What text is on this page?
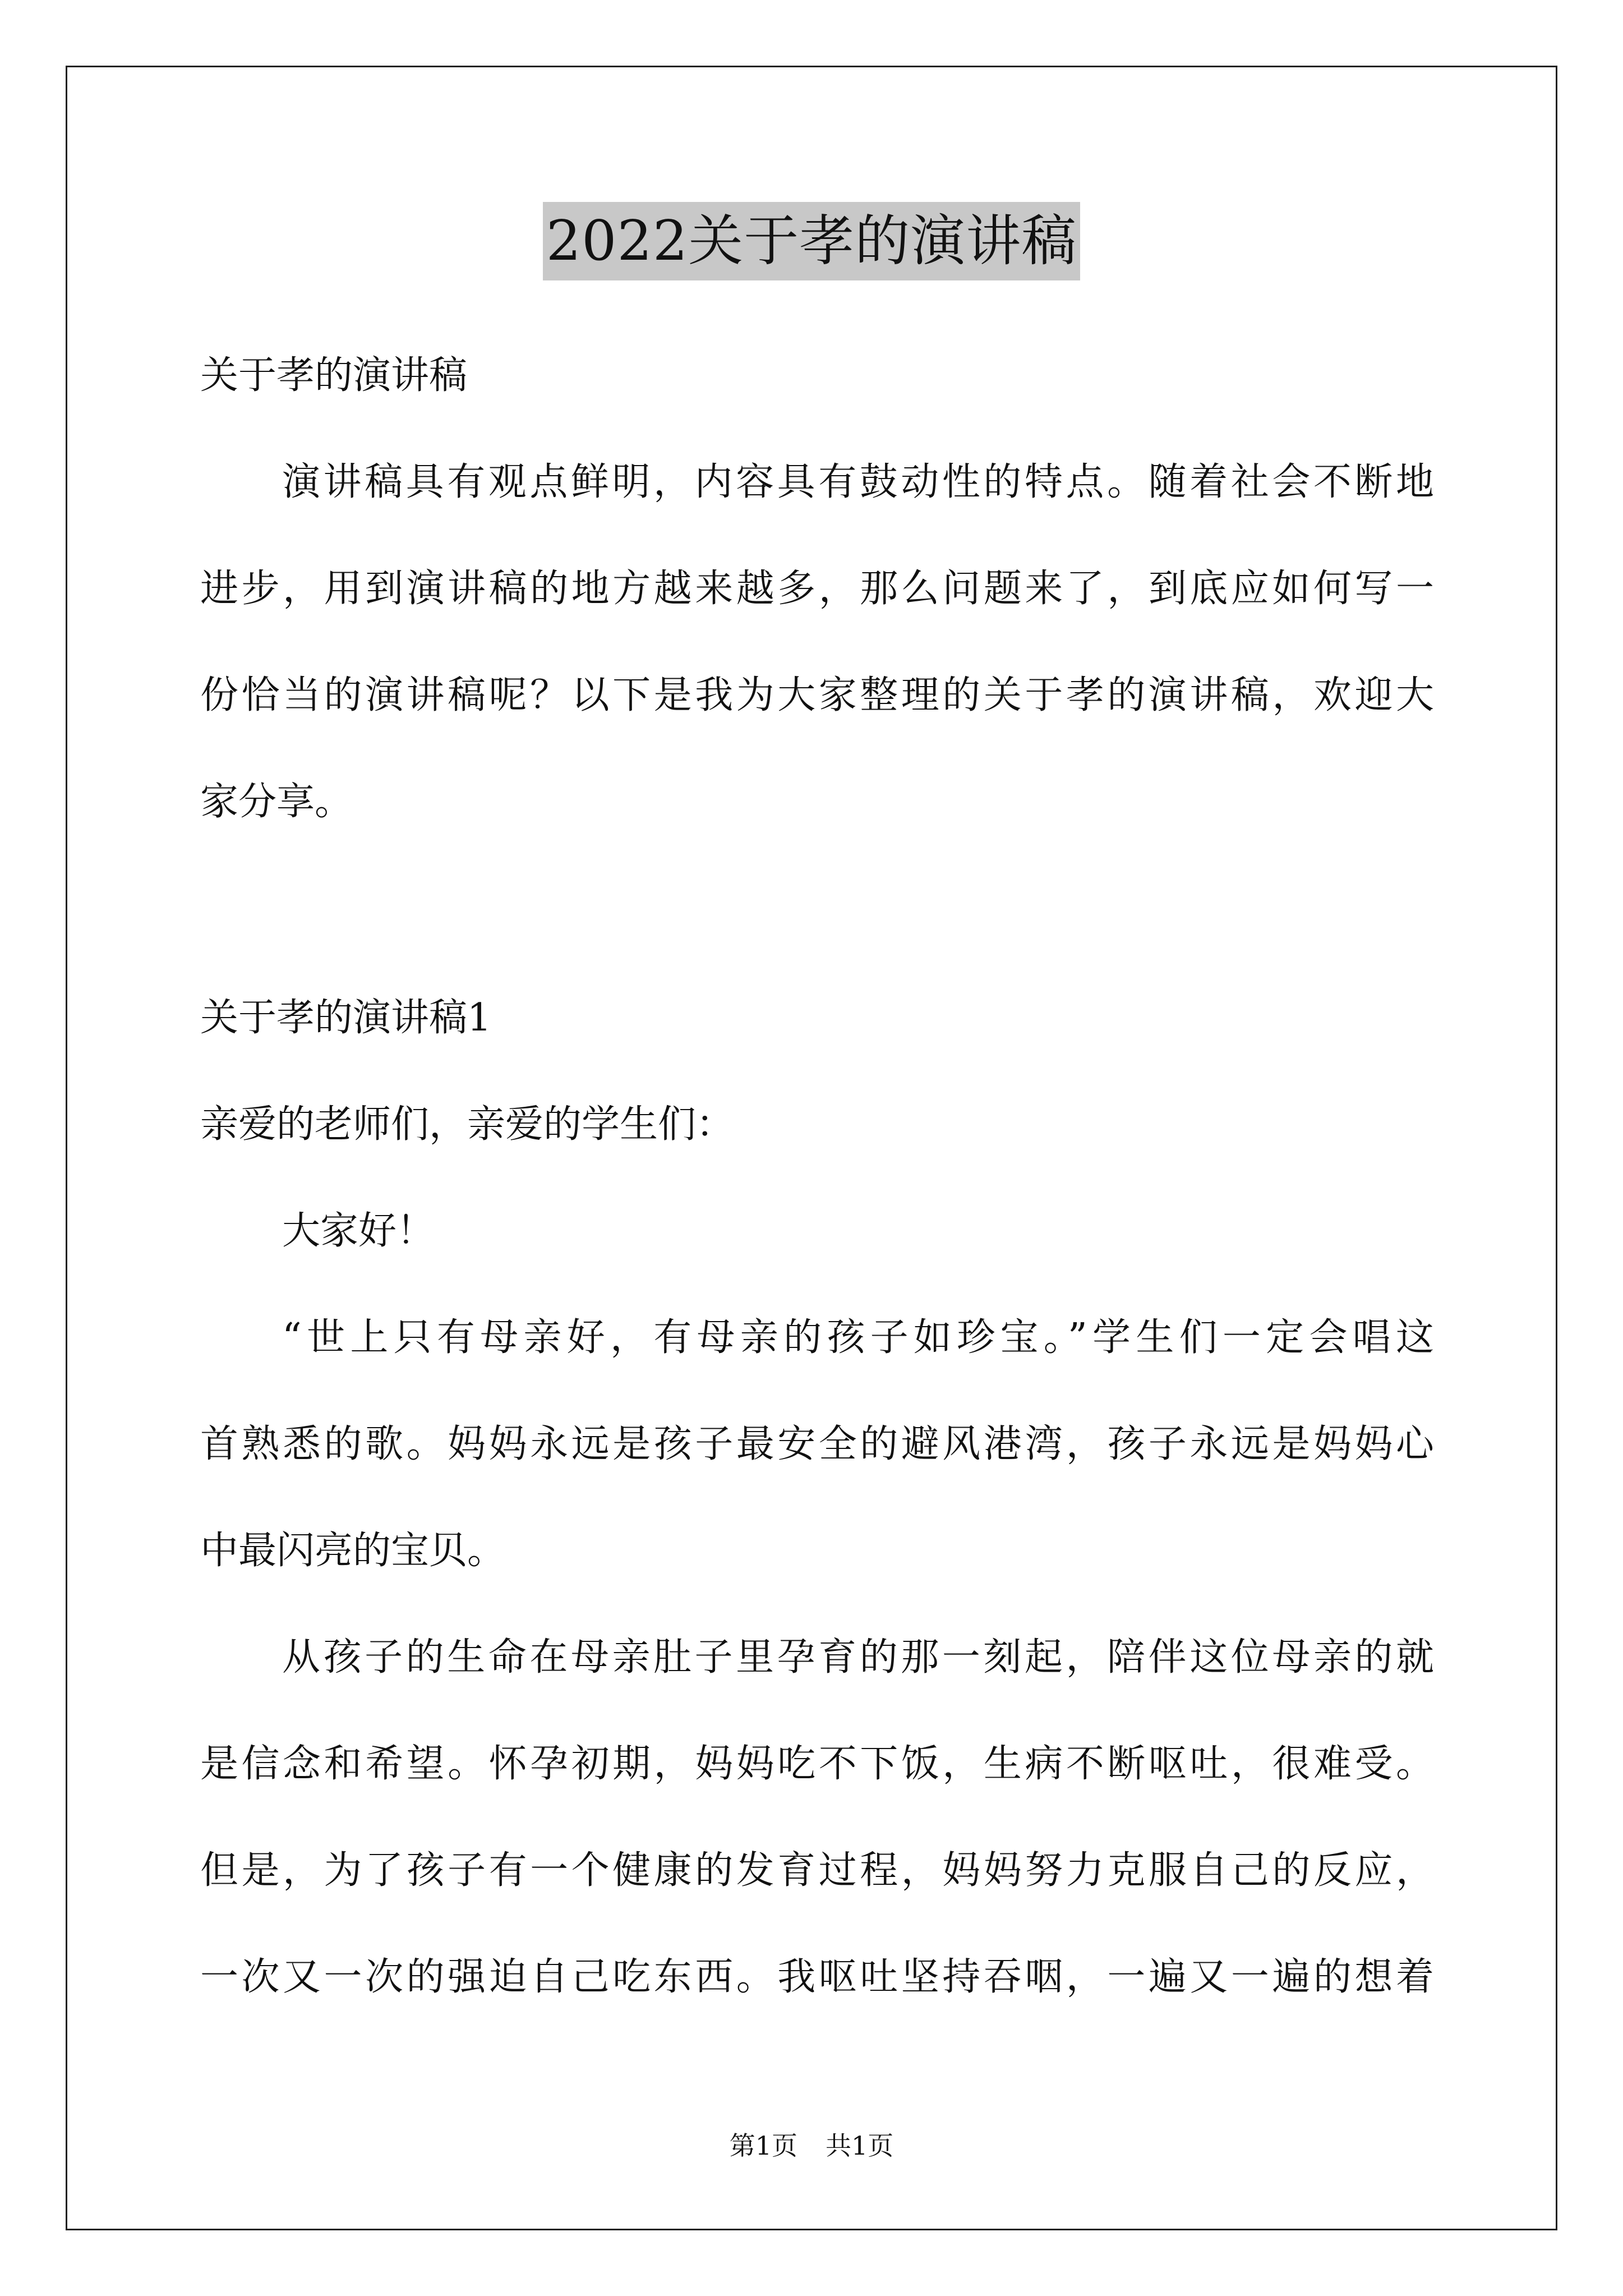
2022关于孝的演讲稿
关于孝的演讲稿
演讲稿具有观点鲜明，内容具有鼓动性的特点。随着社会不断地
进步，用到演讲稿的地方越来越多，那么问题来了，到底应如何写一
份恰当的演讲稿呢？以下是我为大家整理的关于孝的演讲稿，欢迎大
家分享。
关于孝的演讲稿1
亲爱的老师们，亲爱的学生们：
大家好！
“世上只有母亲好，有母亲的孩子如珍宝。”学生们一定会唱这
首熟悉的歌。妈妈永远是孩子最安全的避风港湾，孩子永远是妈妈心
中最闪亮的宝贝。
从孩子的生命在母亲肚子里孕育的那一刻起，陪伴这位母亲的就
是信念和希望。怀孕初期，妈妈吃不下饭，生病不断呕吐，很难受。
但是，为了孩子有一个健康的发育过程，妈妈努力克服自己的反应，
一次又一次的强迫自己吃东西。我呕吐坚持吞咽，一遍又一遍的想着
第1页 共1页
